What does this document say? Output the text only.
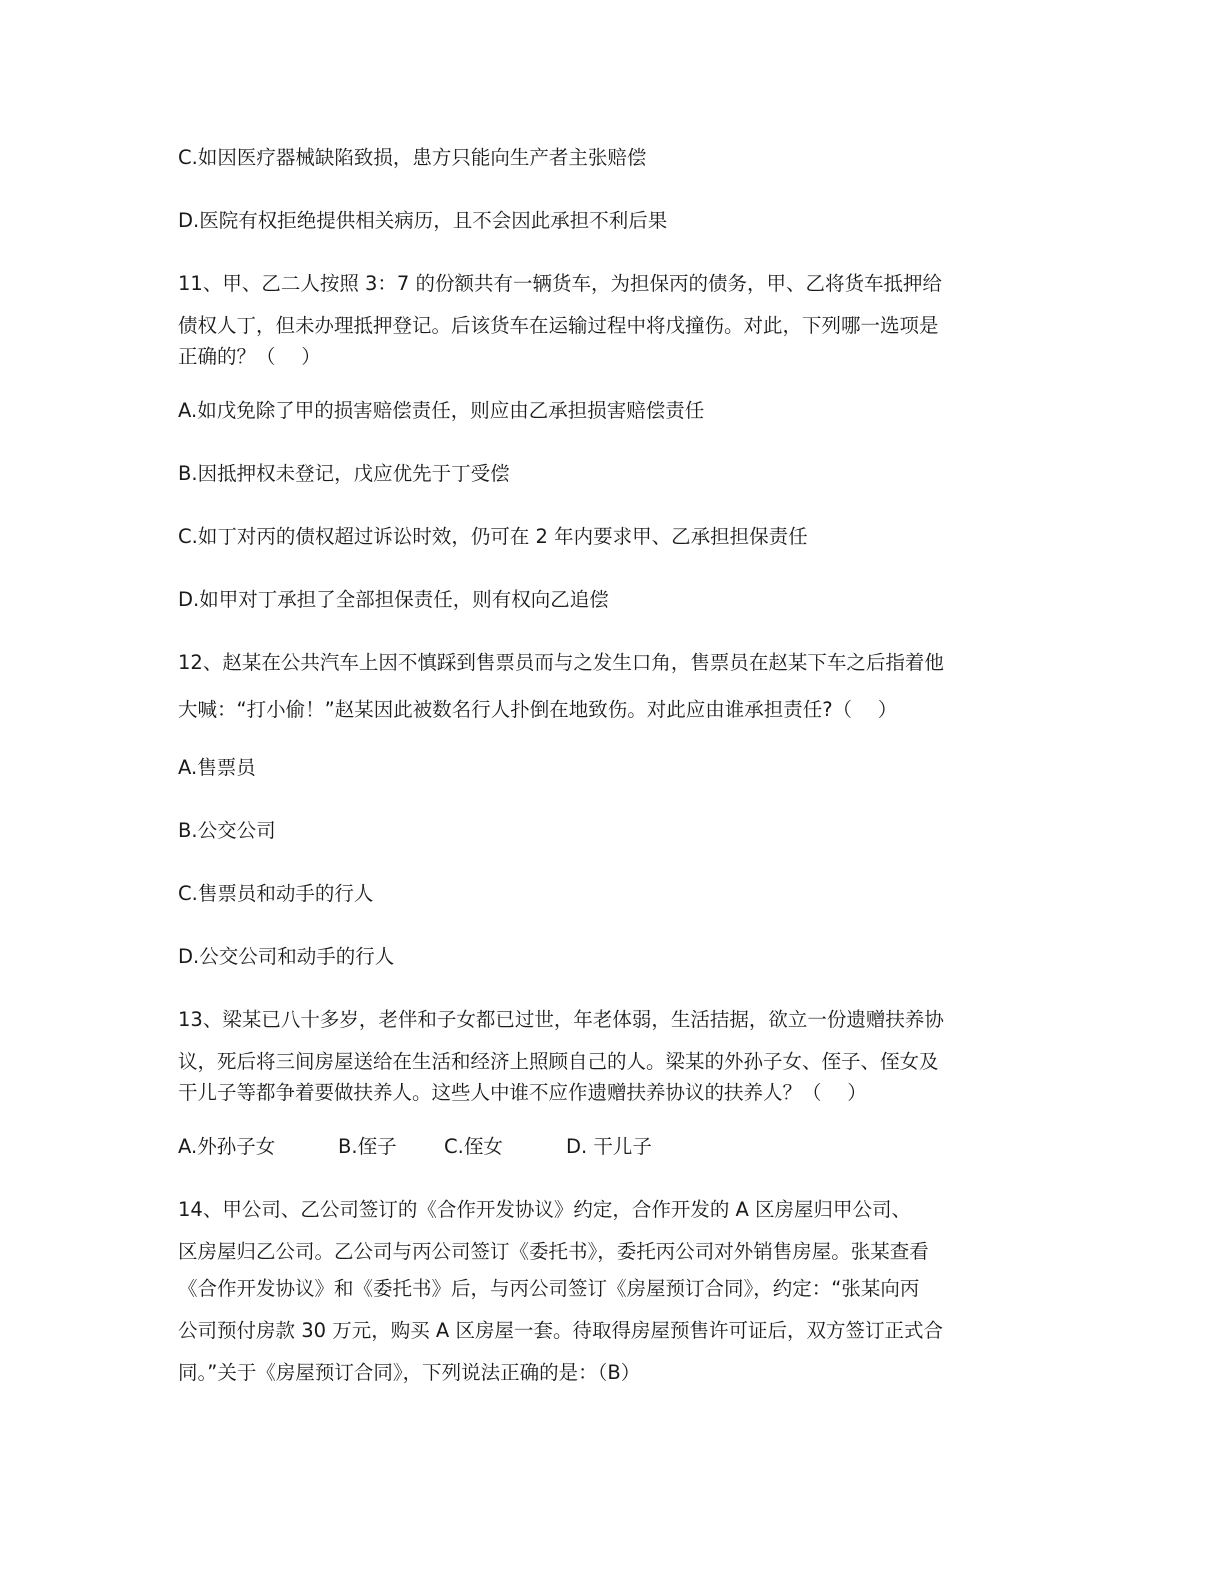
C.如因医疗器械缺陷致损，患方只能向生产者主张赔偿
D.医院有权拒绝提供相关病历，且不会因此承担不利后果
11、甲、乙二人按照 3：7 的份额共有一辆货车，为担保丙的债务，甲、乙将货车抵押给
债权人丁，但未办理抵押登记。后该货车在运输过程中将戊撞伤。对此，下列哪一选项是
正确的？（　 ）
A.如戊免除了甲的损害赔偿责任，则应由乙承担损害赔偿责任
B.因抵押权未登记，戊应优先于丁受偿
C.如丁对丙的债权超过诉讼时效，仍可在 2 年内要求甲、乙承担担保责任
D.如甲对丁承担了全部担保责任，则有权向乙追偿
12、赵某在公共汽车上因不慎踩到售票员而与之发生口角，售票员在赵某下车之后指着他
大喊：“打小偷！”赵某因此被数名行人扑倒在地致伤。对此应由谁承担责任?（　 ）
A.售票员
B.公交公司
C.售票员和动手的行人
D.公交公司和动手的行人
13、梁某已八十多岁，老伴和子女都已过世，年老体弱，生活拮据，欲立一份遗赠扶养协
议，死后将三间房屋送给在生活和经济上照顾自己的人。梁某的外孙子女、侄子、侄女及
干儿子等都争着要做扶养人。这些人中谁不应作遗赠扶养协议的扶养人？（　 ）
A.外孙子女	B.侄子 C.侄女	D. 干儿子
14、甲公司、乙公司签订的《合作开发协议》约定，合作开发的 A 区房屋归甲公司、
区房屋归乙公司。乙公司与丙公司签订《委托书》，委托丙公司对外销售房屋。张某查看
《合作开发协议》和《委托书》后，与丙公司签订《房屋预订合同》，约定：“张某向丙
公司预付房款 30 万元，购买 A 区房屋一套。待取得房屋预售许可证后，双方签订正式合
同。”关于《房屋预订合同》，下列说法正确的是：（B）
